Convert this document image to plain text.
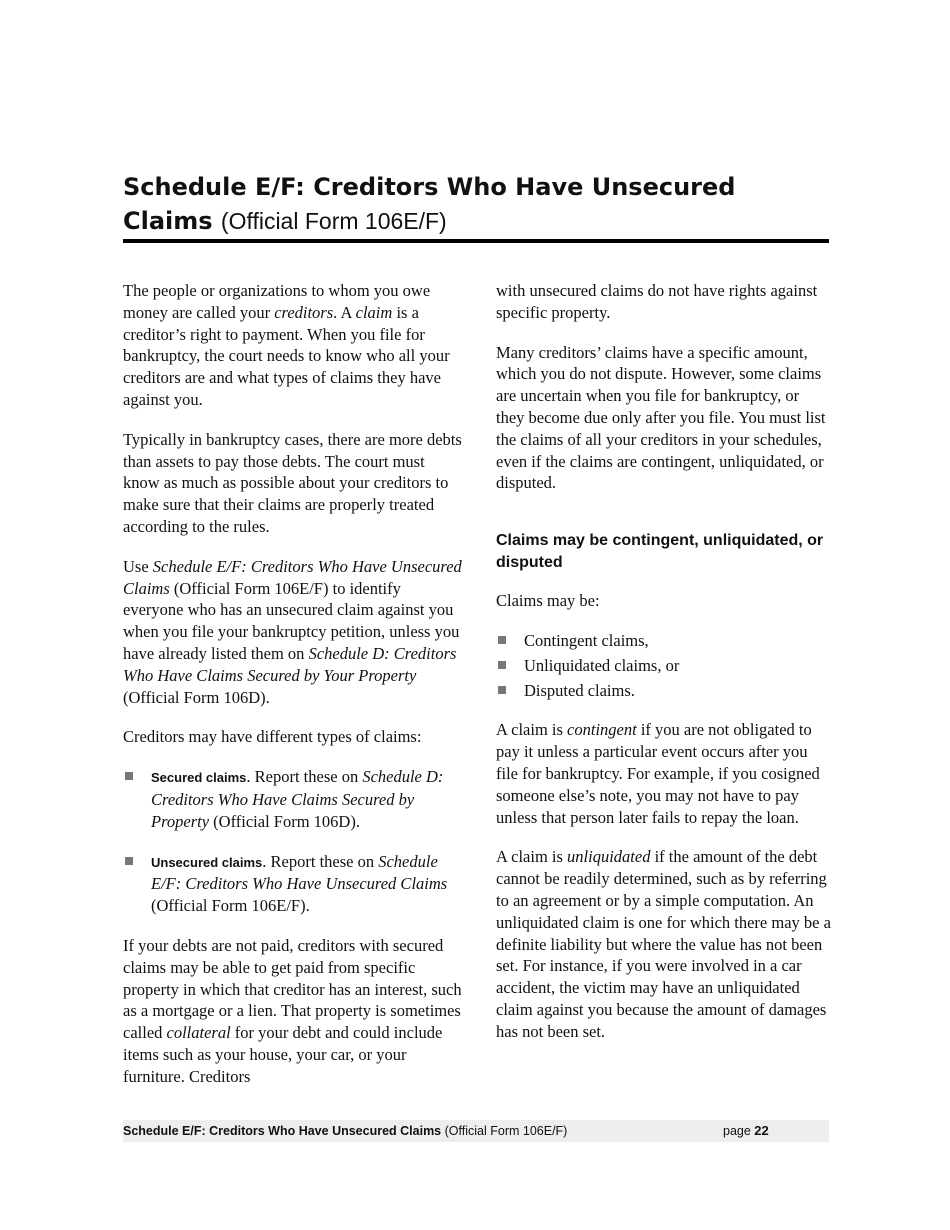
Schedule E/F: Creditors Who Have Unsecured
Claims (Official Form 106E/F)

The people or organizations to whom you owe money are called your creditors. A claim is a creditor’s right to payment. When you file for bankruptcy, the court needs to know who all your creditors are and what types of claims they have against you.

Typically in bankruptcy cases, there are more debts than assets to pay those debts. The court must know as much as possible about your creditors to make sure that their claims are properly treated according to the rules.

Use Schedule E/F: Creditors Who Have Unsecured Claims (Official Form 106E/F) to identify everyone who has an unsecured claim against you when you file your bankruptcy petition, unless you have already listed them on Schedule D: Creditors Who Have Claims Secured by Your Property (Official Form 106D).

Creditors may have different types of claims:

Secured claims. Report these on Schedule D: Creditors Who Have Claims Secured by Property (Official Form 106D).
Unsecured claims. Report these on Schedule E/F: Creditors Who Have Unsecured Claims (Official Form 106E/F).

If your debts are not paid, creditors with secured claims may be able to get paid from specific property in which that creditor has an interest, such as a mortgage or a lien. That property is sometimes called collateral for your debt and could include items such as your house, your car, or your furniture. Creditors

with unsecured claims do not have rights against specific property.

Many creditors’ claims have a specific amount, which you do not dispute. However, some claims are uncertain when you file for bankruptcy, or they become due only after you file. You must list the claims of all your creditors in your schedules, even if the claims are contingent, unliquidated, or disputed.

Claims may be contingent, unliquidated, or disputed

Claims may be:

Contingent claims,
Unliquidated claims, or
Disputed claims.

A claim is contingent if you are not obligated to pay it unless a particular event occurs after you file for bankruptcy. For example, if you cosigned someone else’s note, you may not have to pay unless that person later fails to repay the loan.

A claim is unliquidated if the amount of the debt cannot be readily determined, such as by referring to an agreement or by a simple computation. An unliquidated claim is one for which there may be a definite liability but where the value has not been set. For instance, if you were involved in a car accident, the victim may have an unliquidated claim against you because the amount of damages has not been set.

Schedule E/F: Creditors Who Have Unsecured Claims (Official Form 106E/F)	page 22
